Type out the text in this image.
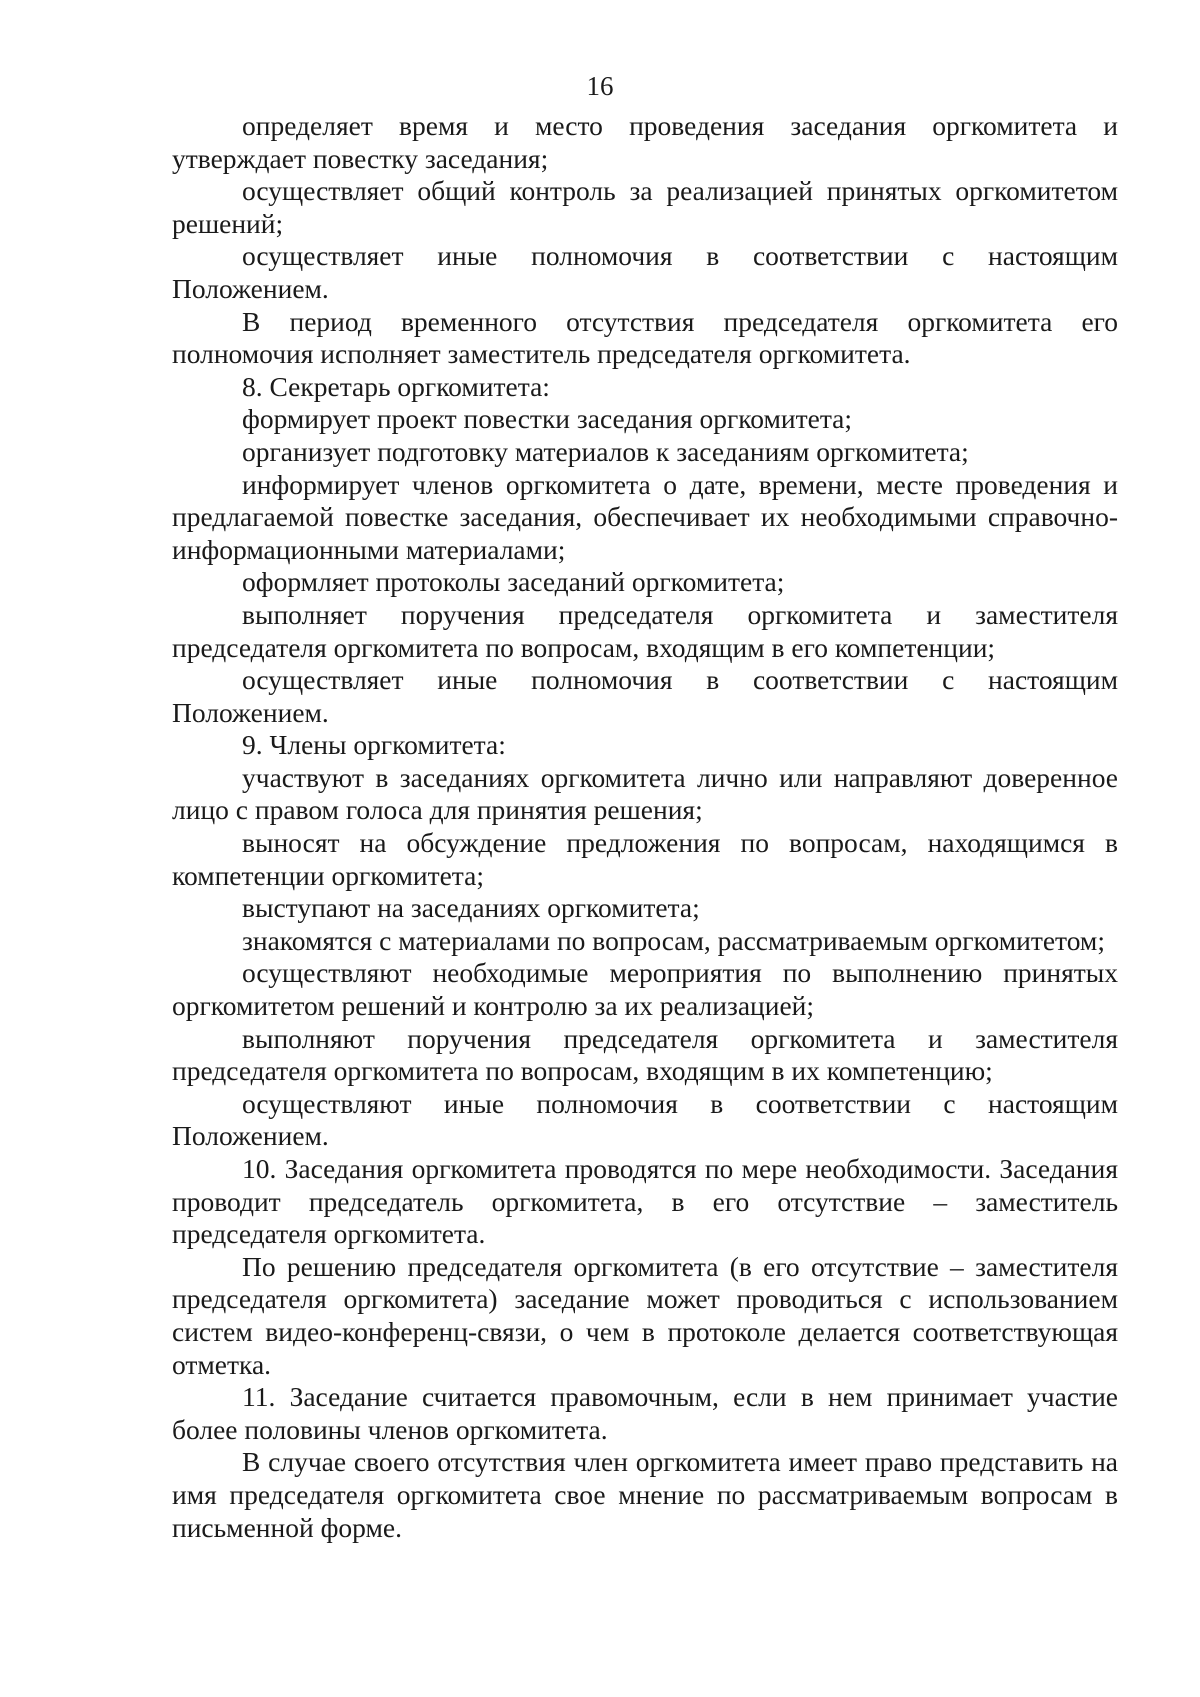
16

определяет время и место проведения заседания оргкомитета и утверждает повестку заседания;

осуществляет общий контроль за реализацией принятых оргкомитетом решений;

осуществляет иные полномочия в соответствии с настоящим Положением.

В период временного отсутствия председателя оргкомитета его полномочия исполняет заместитель председателя оргкомитета.

8. Секретарь оргкомитета:

формирует проект повестки заседания оргкомитета;

организует подготовку материалов к заседаниям оргкомитета;

информирует членов оргкомитета о дате, времени, месте проведения и предлагаемой повестке заседания, обеспечивает их необходимыми справочно-информационными материалами;

оформляет протоколы заседаний оргкомитета;

выполняет поручения председателя оргкомитета и заместителя председателя оргкомитета по вопросам, входящим в его компетенции;

осуществляет иные полномочия в соответствии с настоящим Положением.

9. Члены оргкомитета:

участвуют в заседаниях оргкомитета лично или направляют доверенное лицо с правом голоса для принятия решения;

выносят на обсуждение предложения по вопросам, находящимся в компетенции оргкомитета;

выступают на заседаниях оргкомитета;

знакомятся с материалами по вопросам, рассматриваемым оргкомитетом;

осуществляют необходимые мероприятия по выполнению принятых оргкомитетом решений и контролю за их реализацией;

выполняют поручения председателя оргкомитета и заместителя председателя оргкомитета по вопросам, входящим в их компетенцию;

осуществляют иные полномочия в соответствии с настоящим Положением.

10. Заседания оргкомитета проводятся по мере необходимости. Заседания проводит председатель оргкомитета, в его отсутствие – заместитель председателя оргкомитета.

По решению председателя оргкомитета (в его отсутствие – заместителя председателя оргкомитета) заседание может проводиться с использованием систем видео-конференц-связи, о чем в протоколе делается соответствующая отметка.

11. Заседание считается правомочным, если в нем принимает участие более половины членов оргкомитета.

В случае своего отсутствия член оргкомитета имеет право представить на имя председателя оргкомитета свое мнение по рассматриваемым вопросам в письменной форме.
